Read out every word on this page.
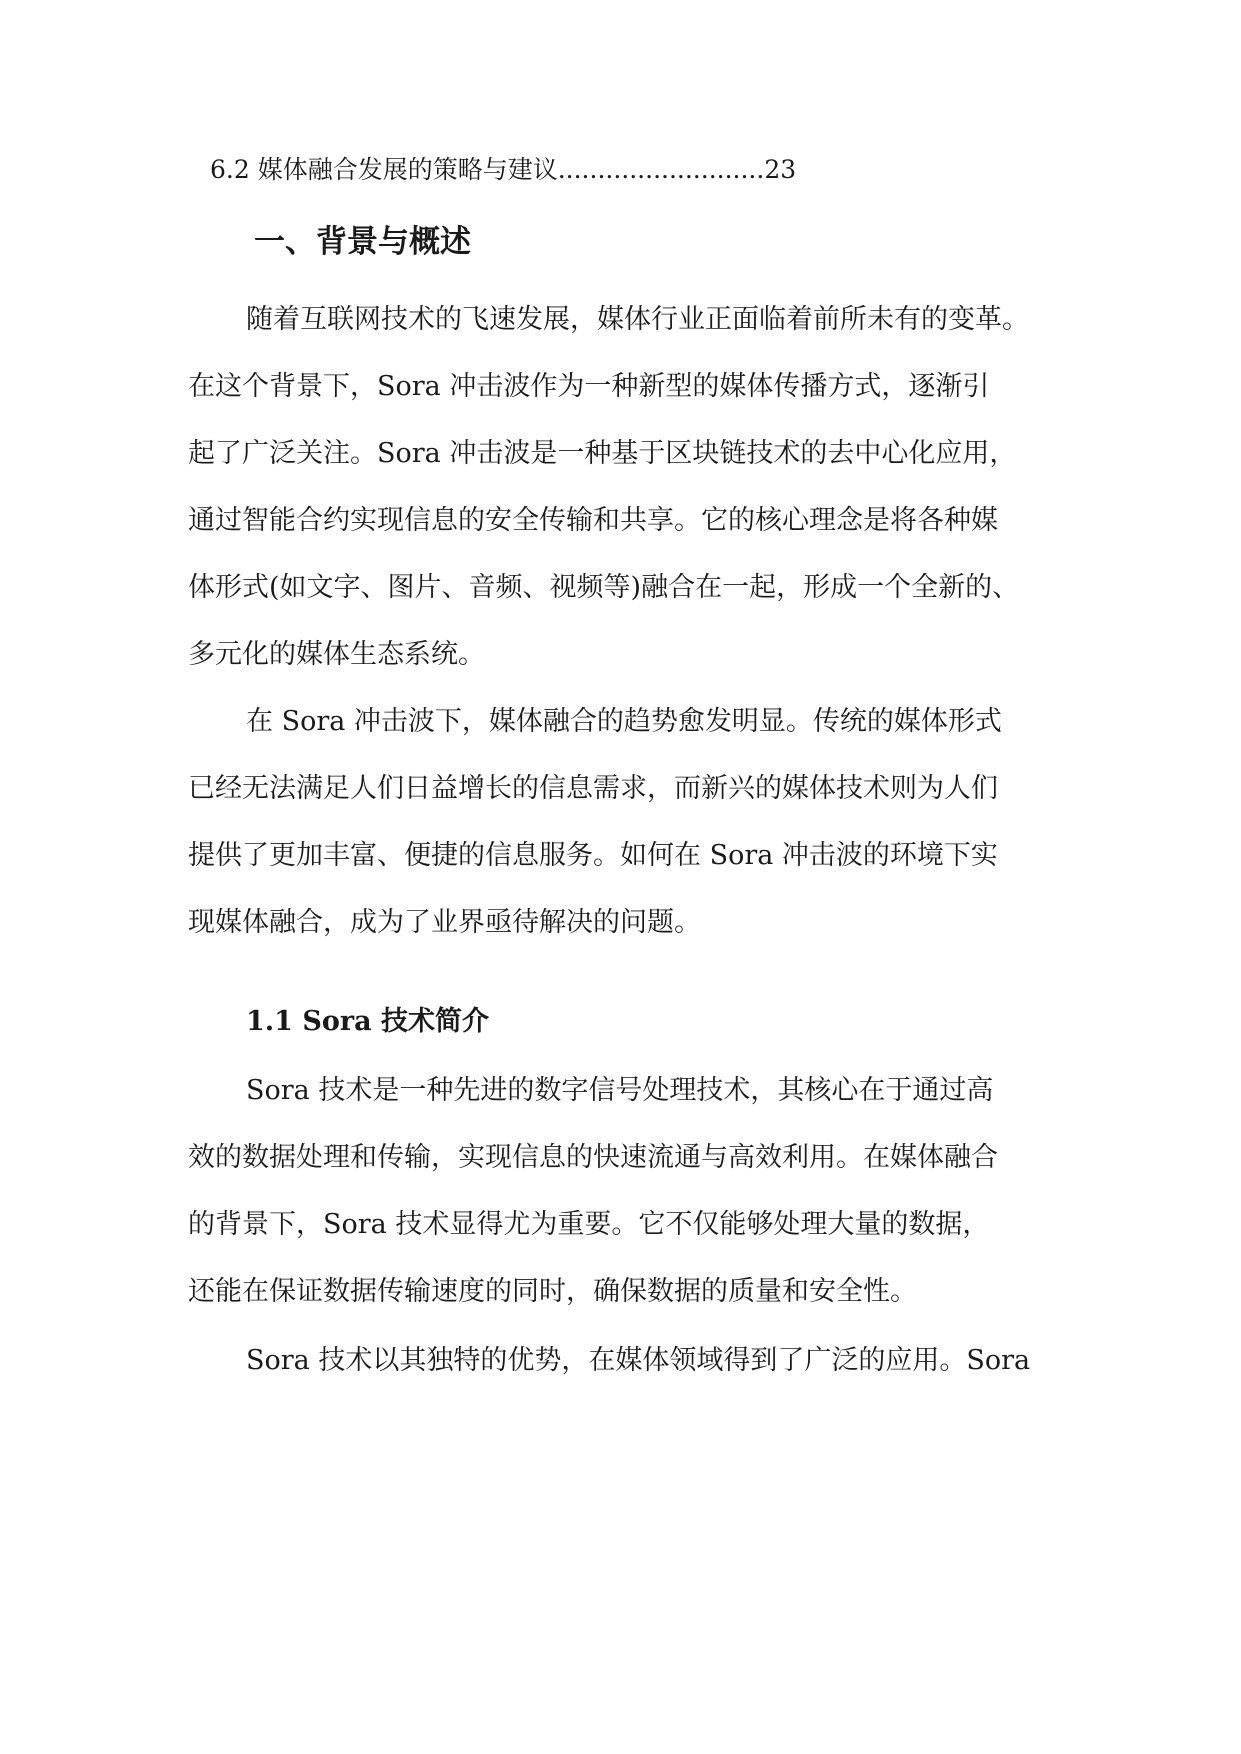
6.2 媒体融合发展的策略与建议..........................23
一、背景与概述
随着互联网技术的飞速发展，媒体行业正面临着前所未有的变革。
在这个背景下，Sora 冲击波作为一种新型的媒体传播方式，逐渐引
起了广泛关注。Sora 冲击波是一种基于区块链技术的去中心化应用，
通过智能合约实现信息的安全传输和共享。它的核心理念是将各种媒
体形式(如文字、图片、音频、视频等)融合在一起，形成一个全新的、
多元化的媒体生态系统。
在 Sora 冲击波下，媒体融合的趋势愈发明显。传统的媒体形式
已经无法满足人们日益增长的信息需求，而新兴的媒体技术则为人们
提供了更加丰富、便捷的信息服务。如何在 Sora 冲击波的环境下实
现媒体融合，成为了业界亟待解决的问题。
1.1 Sora 技术简介
Sora 技术是一种先进的数字信号处理技术，其核心在于通过高
效的数据处理和传输，实现信息的快速流通与高效利用。在媒体融合
的背景下，Sora 技术显得尤为重要。它不仅能够处理大量的数据，
还能在保证数据传输速度的同时，确保数据的质量和安全性。
Sora 技术以其独特的优势，在媒体领域得到了广泛的应用。Sora
